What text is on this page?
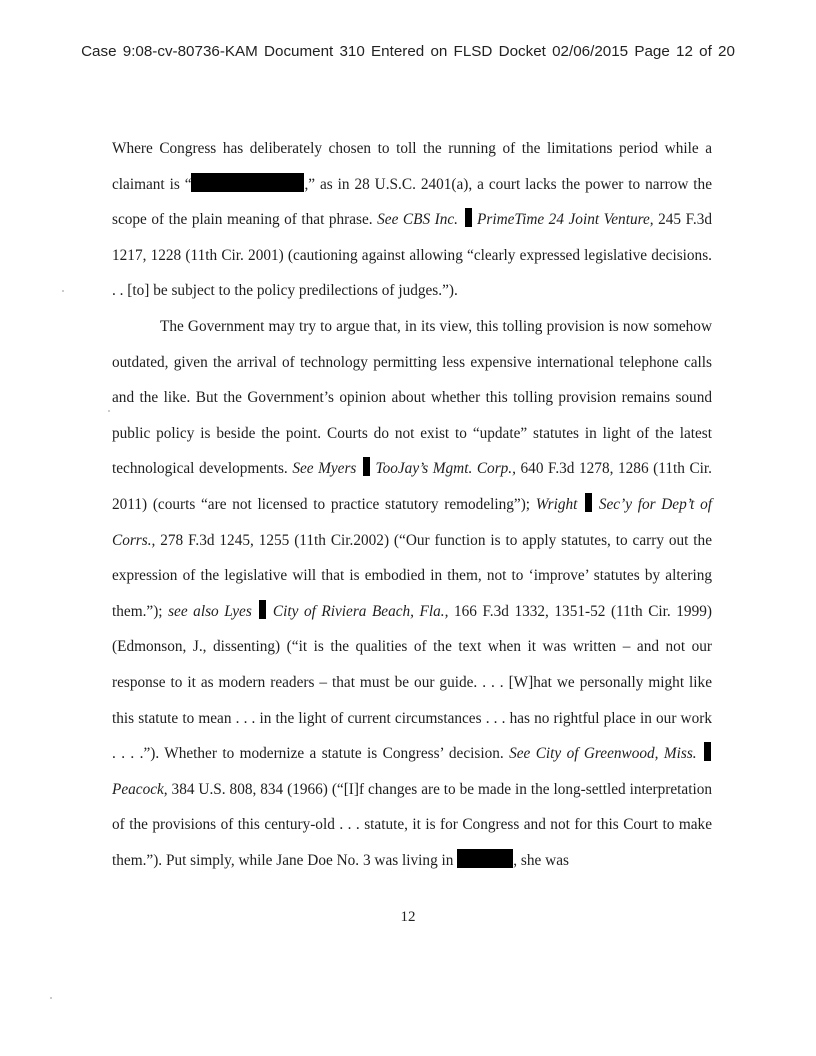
Case 9:08-cv-80736-KAM Document 310 Entered on FLSD Docket 02/06/2015 Page 12 of 20

Where Congress has deliberately chosen to toll the running of the limitations period while a claimant is “	,” as in 28 U.S.C. 2401(a), a court lacks the power to narrow the scope of the plain meaning of that phrase. See CBS Inc.  PrimeTime 24 Joint Venture, 245 F.3d 1217, 1228 (11th Cir. 2001) (cautioning against allowing “clearly expressed legislative decisions. . . [to] be subject to the policy predilections of judges.”).

The Government may try to argue that, in its view, this tolling provision is now somehow outdated, given the arrival of technology permitting less expensive international telephone calls and the like. But the Government’s opinion about whether this tolling provision remains sound public policy is beside the point. Courts do not exist to “update” statutes in light of the latest technological developments. See Myers  TooJay’s Mgmt. Corp., 640 F.3d 1278, 1286 (11th Cir. 2011) (courts “are not licensed to practice statutory remodeling”); Wright  Sec’y for Dep’t of Corrs., 278 F.3d 1245, 1255 (11th Cir.2002) (“Our function is to apply statutes, to carry out the expression of the legislative will that is embodied in them, not to ‘improve’ statutes by altering them.”); see also Lyes  City of Riviera Beach, Fla., 166 F.3d 1332, 1351-52 (11th Cir. 1999) (Edmonson, J., dissenting) (“it is the qualities of the text when it was written – and not our response to it as modern readers – that must be our guide. . . . [W]hat we personally might like this statute to mean . . . in the light of current circumstances . . . has no rightful place in our work . . . .”). Whether to modernize a statute is Congress’ decision. See City of Greenwood, Miss.  Peacock, 384 U.S. 808, 834 (1966) (“[I]f changes are to be made in the long-settled interpretation of the provisions of this century-old . . . statute, it is for Congress and not for this Court to make them.”). Put simply, while Jane Doe No. 3 was living in	, she was

12
